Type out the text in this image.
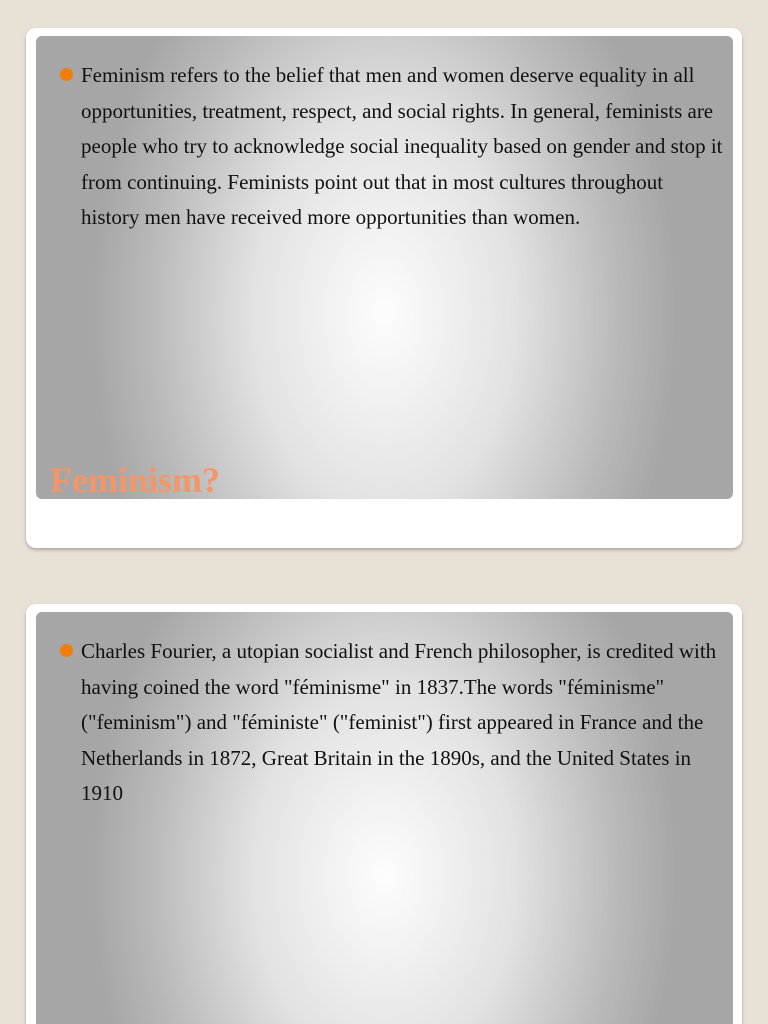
Feminism refers to the belief that men and women deserve equality in all opportunities, treatment, respect, and social rights. In general, feminists are people who try to acknowledge social inequality based on gender and stop it from continuing. Feminists point out that in most cultures throughout history men have received more opportunities than women.

Feminism?

Charles Fourier, a utopian socialist and French philosopher, is credited with having coined the word "féminisme" in 1837.The words "féminisme" ("feminism") and "féministe" ("feminist") first appeared in France and the Netherlands in 1872, Great Britain in the 1890s, and the United States in 1910
